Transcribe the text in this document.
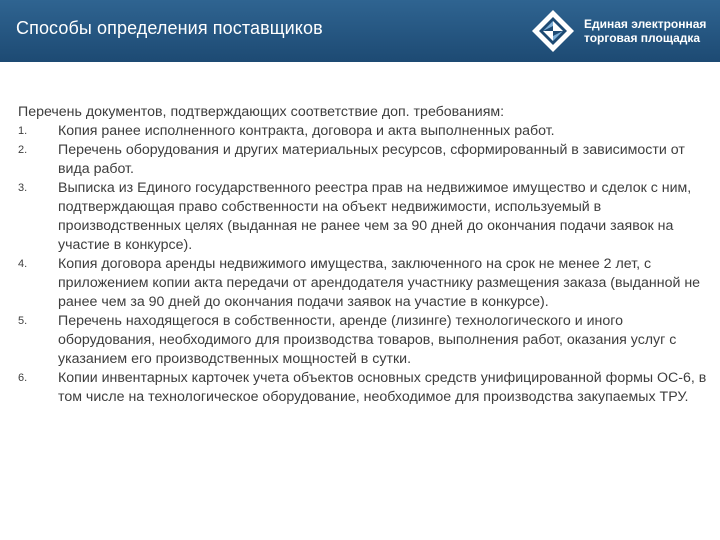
Способы определения поставщиков	Единая электронная
торговая площадка
Перечень документов, подтверждающих соответствие доп. требованиям:
1.	Копия ранее исполненного контракта, договора и акта выполненных работ.
2.	Перечень оборудования и других материальных ресурсов, сформированный в зависимости от вида работ.
3.	Выписка из Единого государственного реестра прав на недвижимое имущество и сделок с ним, подтверждающая право собственности на объект недвижимости, используемый в производственных целях (выданная не ранее чем за 90 дней до окончания подачи заявок на участие в конкурсе).
4.	Копия договора аренды недвижимого имущества, заключенного на срок не менее 2 лет, с приложением копии акта передачи от арендодателя участнику размещения заказа (выданной не ранее чем за 90 дней до окончания подачи заявок на участие в конкурсе).
5.	Перечень находящегося в собственности, аренде (лизинге) технологического и иного оборудования, необходимого для производства товаров, выполнения работ, оказания услуг с указанием его производственных мощностей в сутки.
6.	Копии инвентарных карточек учета объектов основных средств унифицированной формы ОС-6, в том числе на технологическое оборудование, необходимое для производства закупаемых ТРУ.
